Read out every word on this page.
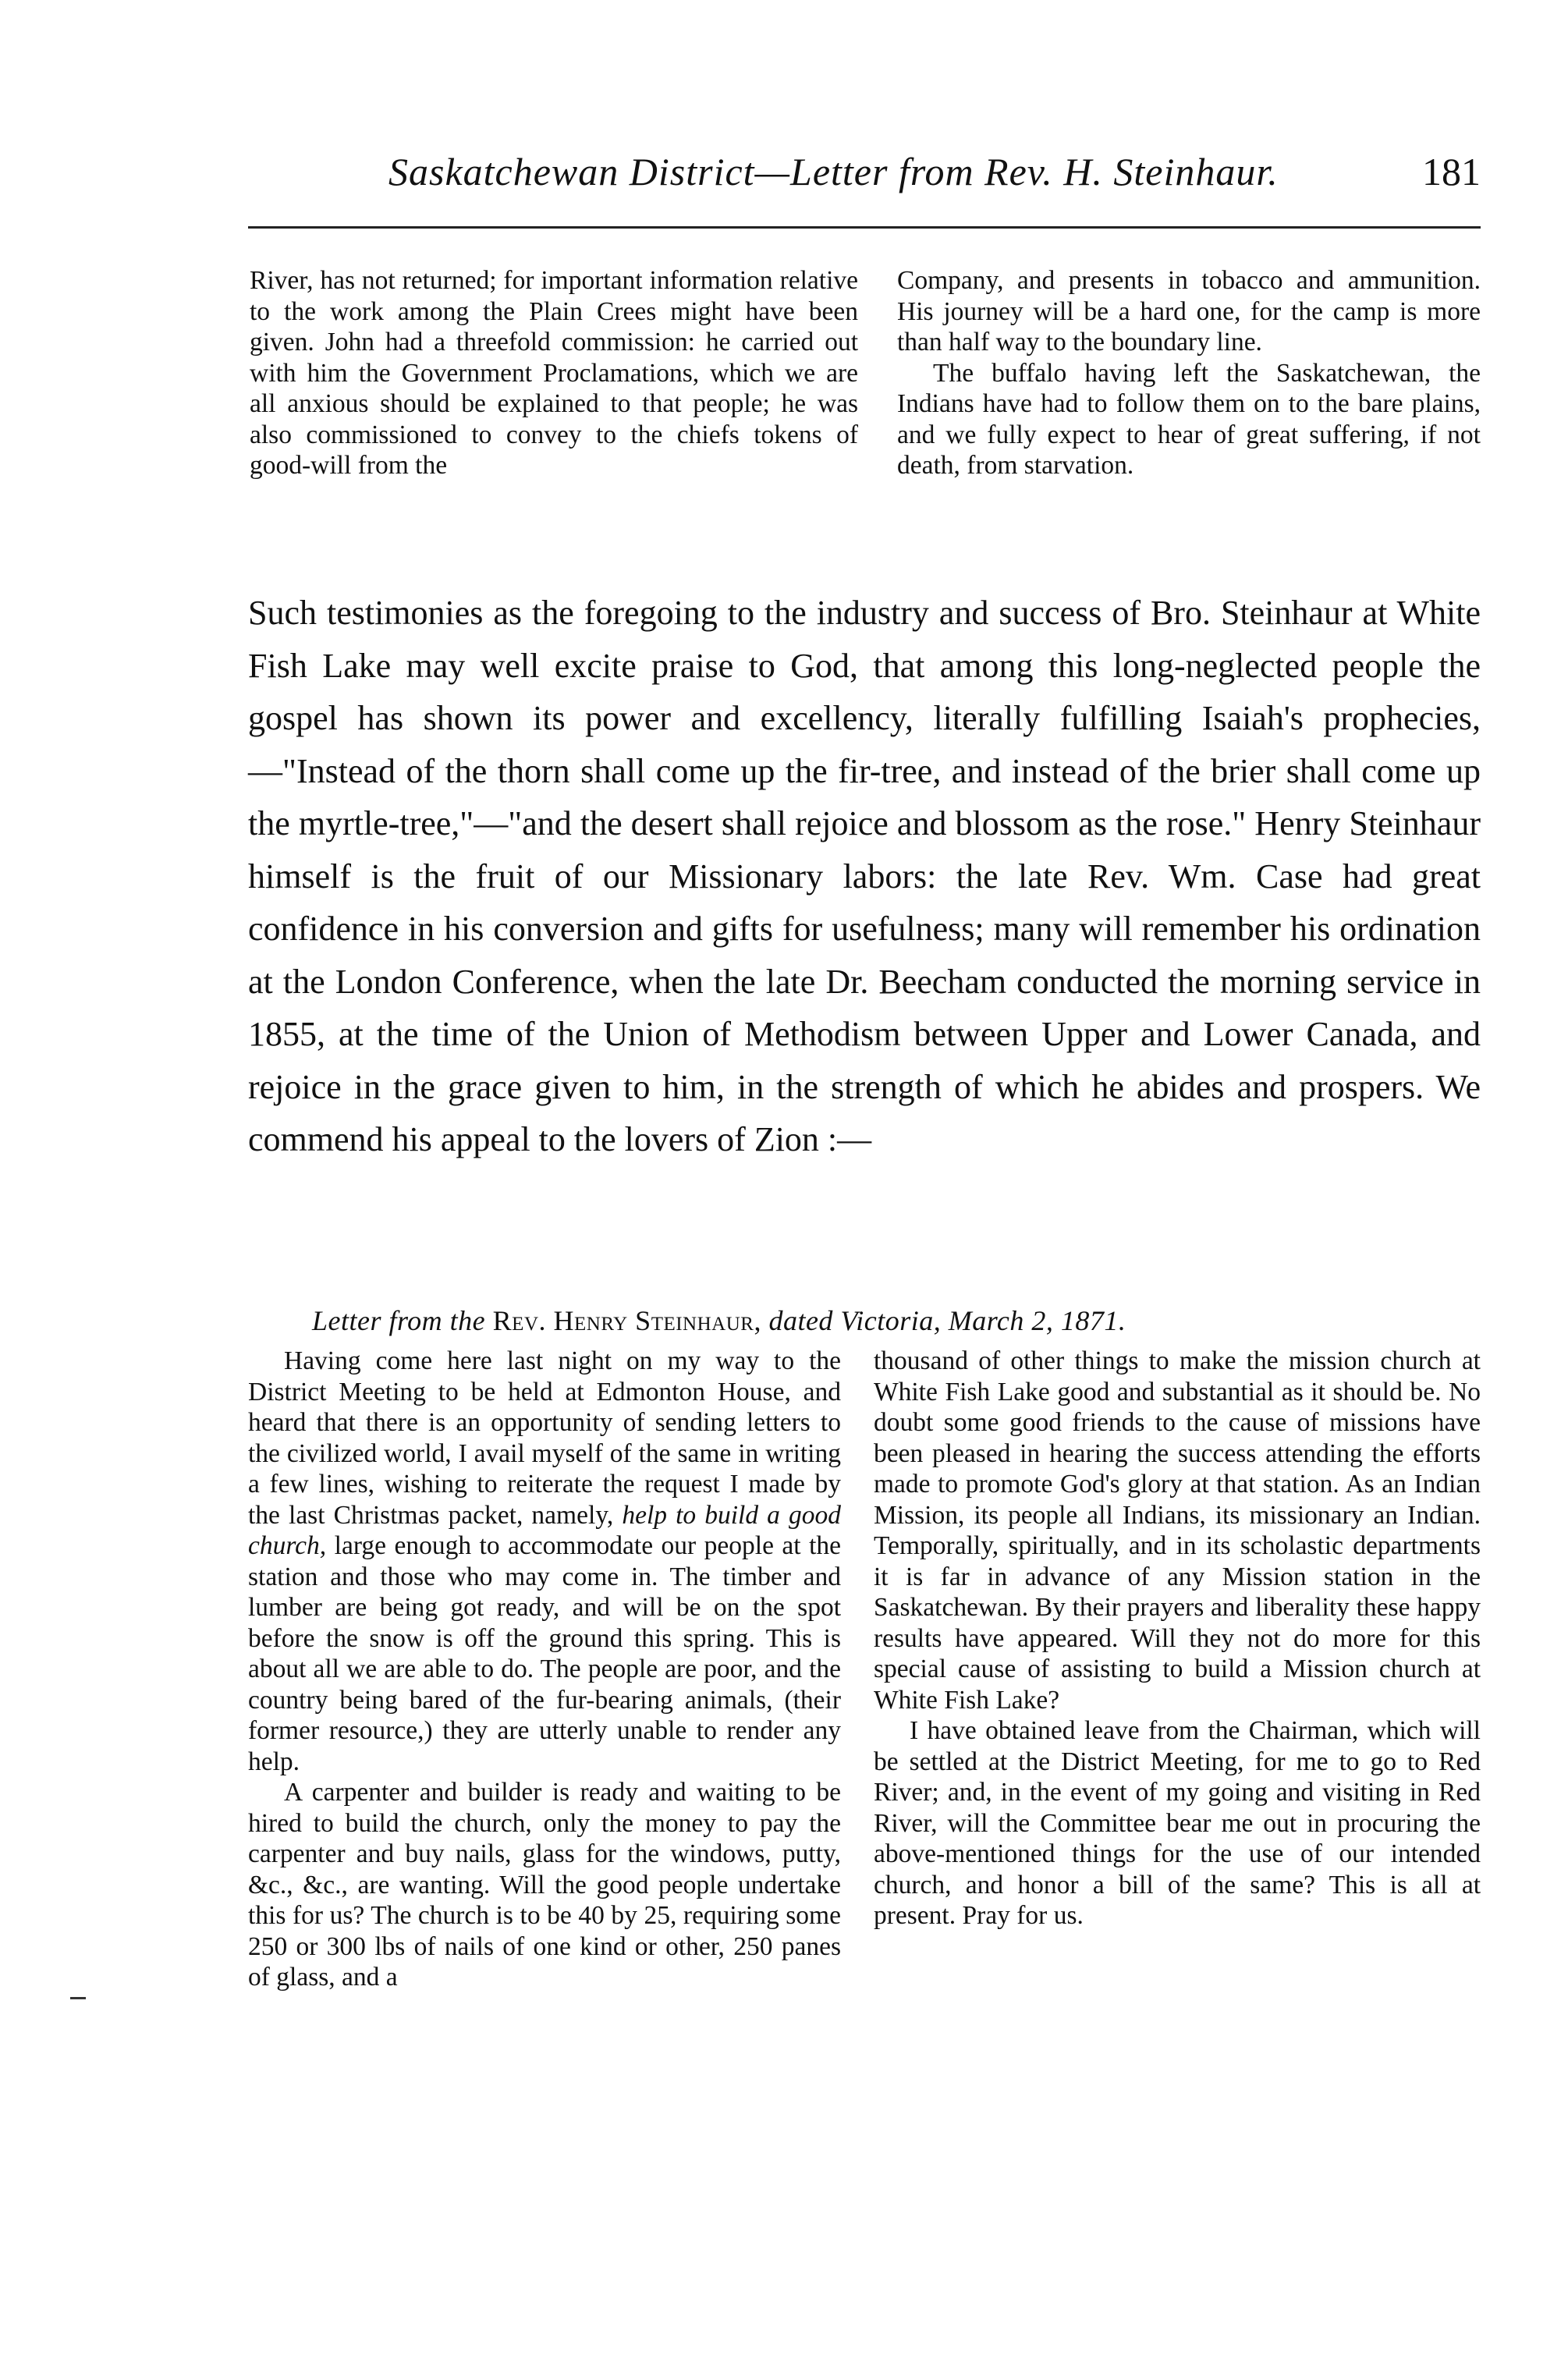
Saskatchewan District—Letter from Rev. H. Steinhaur.	181

River, has not returned; for important information relative to the work among the Plain Crees might have been given. John had a threefold commission: he carried out with him the Government Proclamations, which we are all anxious should be explained to that people; he was also commissioned to convey to the chiefs tokens of good-will from the

Company, and presents in tobacco and ammunition. His journey will be a hard one, for the camp is more than half way to the boundary line.

The buffalo having left the Saskatchewan, the Indians have had to follow them on to the bare plains, and we fully expect to hear of great suffering, if not death, from starvation.

Such testimonies as the foregoing to the industry and success of Bro. Steinhaur at White Fish Lake may well excite praise to God, that among this long-neglected people the gospel has shown its power and excellency, literally fulfilling Isaiah's prophecies,—"Instead of the thorn shall come up the fir-tree, and instead of the brier shall come up the myrtle-tree,"—"and the desert shall rejoice and blossom as the rose." Henry Steinhaur himself is the fruit of our Missionary labors: the late Rev. Wm. Case had great confidence in his conversion and gifts for usefulness; many will remember his ordination at the London Conference, when the late Dr. Beecham conducted the morning service in 1855, at the time of the Union of Methodism between Upper and Lower Canada, and rejoice in the grace given to him, in the strength of which he abides and prospers. We commend his appeal to the lovers of Zion :—

Letter from the Rev. Henry Steinhaur, dated Victoria, March 2, 1871.

Having come here last night on my way to the District Meeting to be held at Edmonton House, and heard that there is an opportunity of sending letters to the civilized world, I avail myself of the same in writing a few lines, wishing to reiterate the request I made by the last Christmas packet, namely, help to build a good church, large enough to accommodate our people at the station and those who may come in. The timber and lumber are being got ready, and will be on the spot before the snow is off the ground this spring. This is about all we are able to do. The people are poor, and the country being bared of the fur-bearing animals, (their former resource,) they are utterly unable to render any help.

A carpenter and builder is ready and waiting to be hired to build the church, only the money to pay the carpenter and buy nails, glass for the windows, putty, &c., &c., are wanting. Will the good people undertake this for us? The church is to be 40 by 25, requiring some 250 or 300 lbs of nails of one kind or other, 250 panes of glass, and a

thousand of other things to make the mission church at White Fish Lake good and substantial as it should be. No doubt some good friends to the cause of missions have been pleased in hearing the success attending the efforts made to promote God's glory at that station. As an Indian Mission, its people all Indians, its missionary an Indian. Temporally, spiritually, and in its scholastic departments it is far in advance of any Mission station in the Saskatchewan. By their prayers and liberality these happy results have appeared. Will they not do more for this special cause of assisting to build a Mission church at White Fish Lake?

I have obtained leave from the Chairman, which will be settled at the District Meeting, for me to go to Red River; and, in the event of my going and visiting in Red River, will the Committee bear me out in procuring the above-mentioned things for the use of our intended church, and honor a bill of the same? This is all at present. Pray for us.
